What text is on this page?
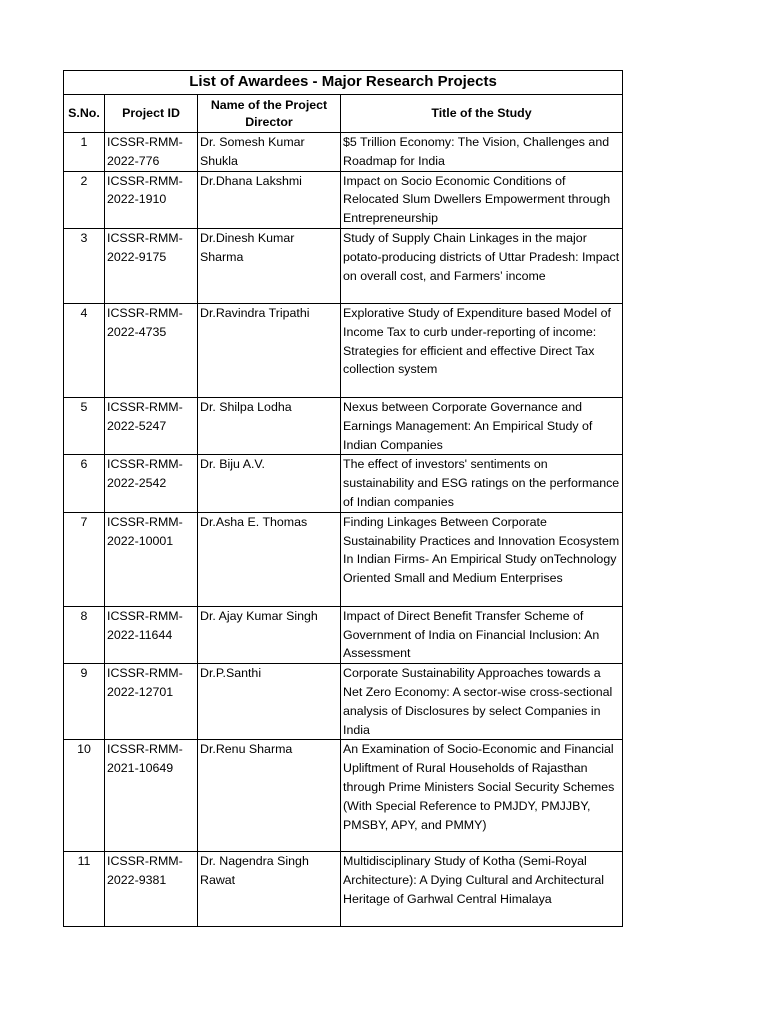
List of Awardees - Major Research Projects			
S.No.	Project ID	Name of the Project Director	Title of the Study
1	ICSSR-RMM-2022-776	Dr. Somesh Kumar Shukla	$5 Trillion Economy: The Vision, Challenges and Roadmap for India
2	ICSSR-RMM-2022-1910	Dr.Dhana Lakshmi	Impact on Socio Economic Conditions of Relocated Slum Dwellers Empowerment through Entrepreneurship
3	ICSSR-RMM-2022-9175	Dr.Dinesh Kumar Sharma	Study of Supply Chain Linkages in the major potato-producing districts of Uttar Pradesh: Impact on overall cost, and Farmers’ income
4	ICSSR-RMM-2022-4735	Dr.Ravindra Tripathi	Explorative Study of Expenditure based Model of Income Tax to curb under-reporting of income: Strategies for efficient and effective Direct Tax collection system
5	ICSSR-RMM-2022-5247	Dr. Shilpa Lodha	Nexus between Corporate Governance and Earnings Management: An Empirical Study of Indian Companies
6	ICSSR-RMM-2022-2542	Dr. Biju A.V.	The effect of investors' sentiments on sustainability and ESG ratings on the performance of Indian companies
7	ICSSR-RMM-2022-10001	Dr.Asha E. Thomas	Finding Linkages Between Corporate Sustainability Practices and Innovation Ecosystem In Indian Firms- An Empirical Study onTechnology Oriented Small and Medium Enterprises
8	ICSSR-RMM-2022-11644	Dr. Ajay Kumar Singh	Impact of Direct Benefit Transfer Scheme of Government of India on Financial Inclusion: An Assessment
9	ICSSR-RMM-2022-12701	Dr.P.Santhi	Corporate Sustainability Approaches towards a Net Zero Economy: A sector-wise cross-sectional analysis of Disclosures by select Companies in India
10	ICSSR-RMM-2021-10649	Dr.Renu Sharma	An Examination of Socio-Economic and Financial Upliftment of Rural Households of Rajasthan through Prime Ministers Social Security Schemes
(With Special Reference to PMJDY, PMJJBY, PMSBY, APY, and PMMY)
11	ICSSR-RMM-2022-9381	Dr. Nagendra Singh Rawat	Multidisciplinary Study of Kotha (Semi-Royal Architecture): A Dying Cultural and Architectural Heritage of Garhwal Central Himalaya
